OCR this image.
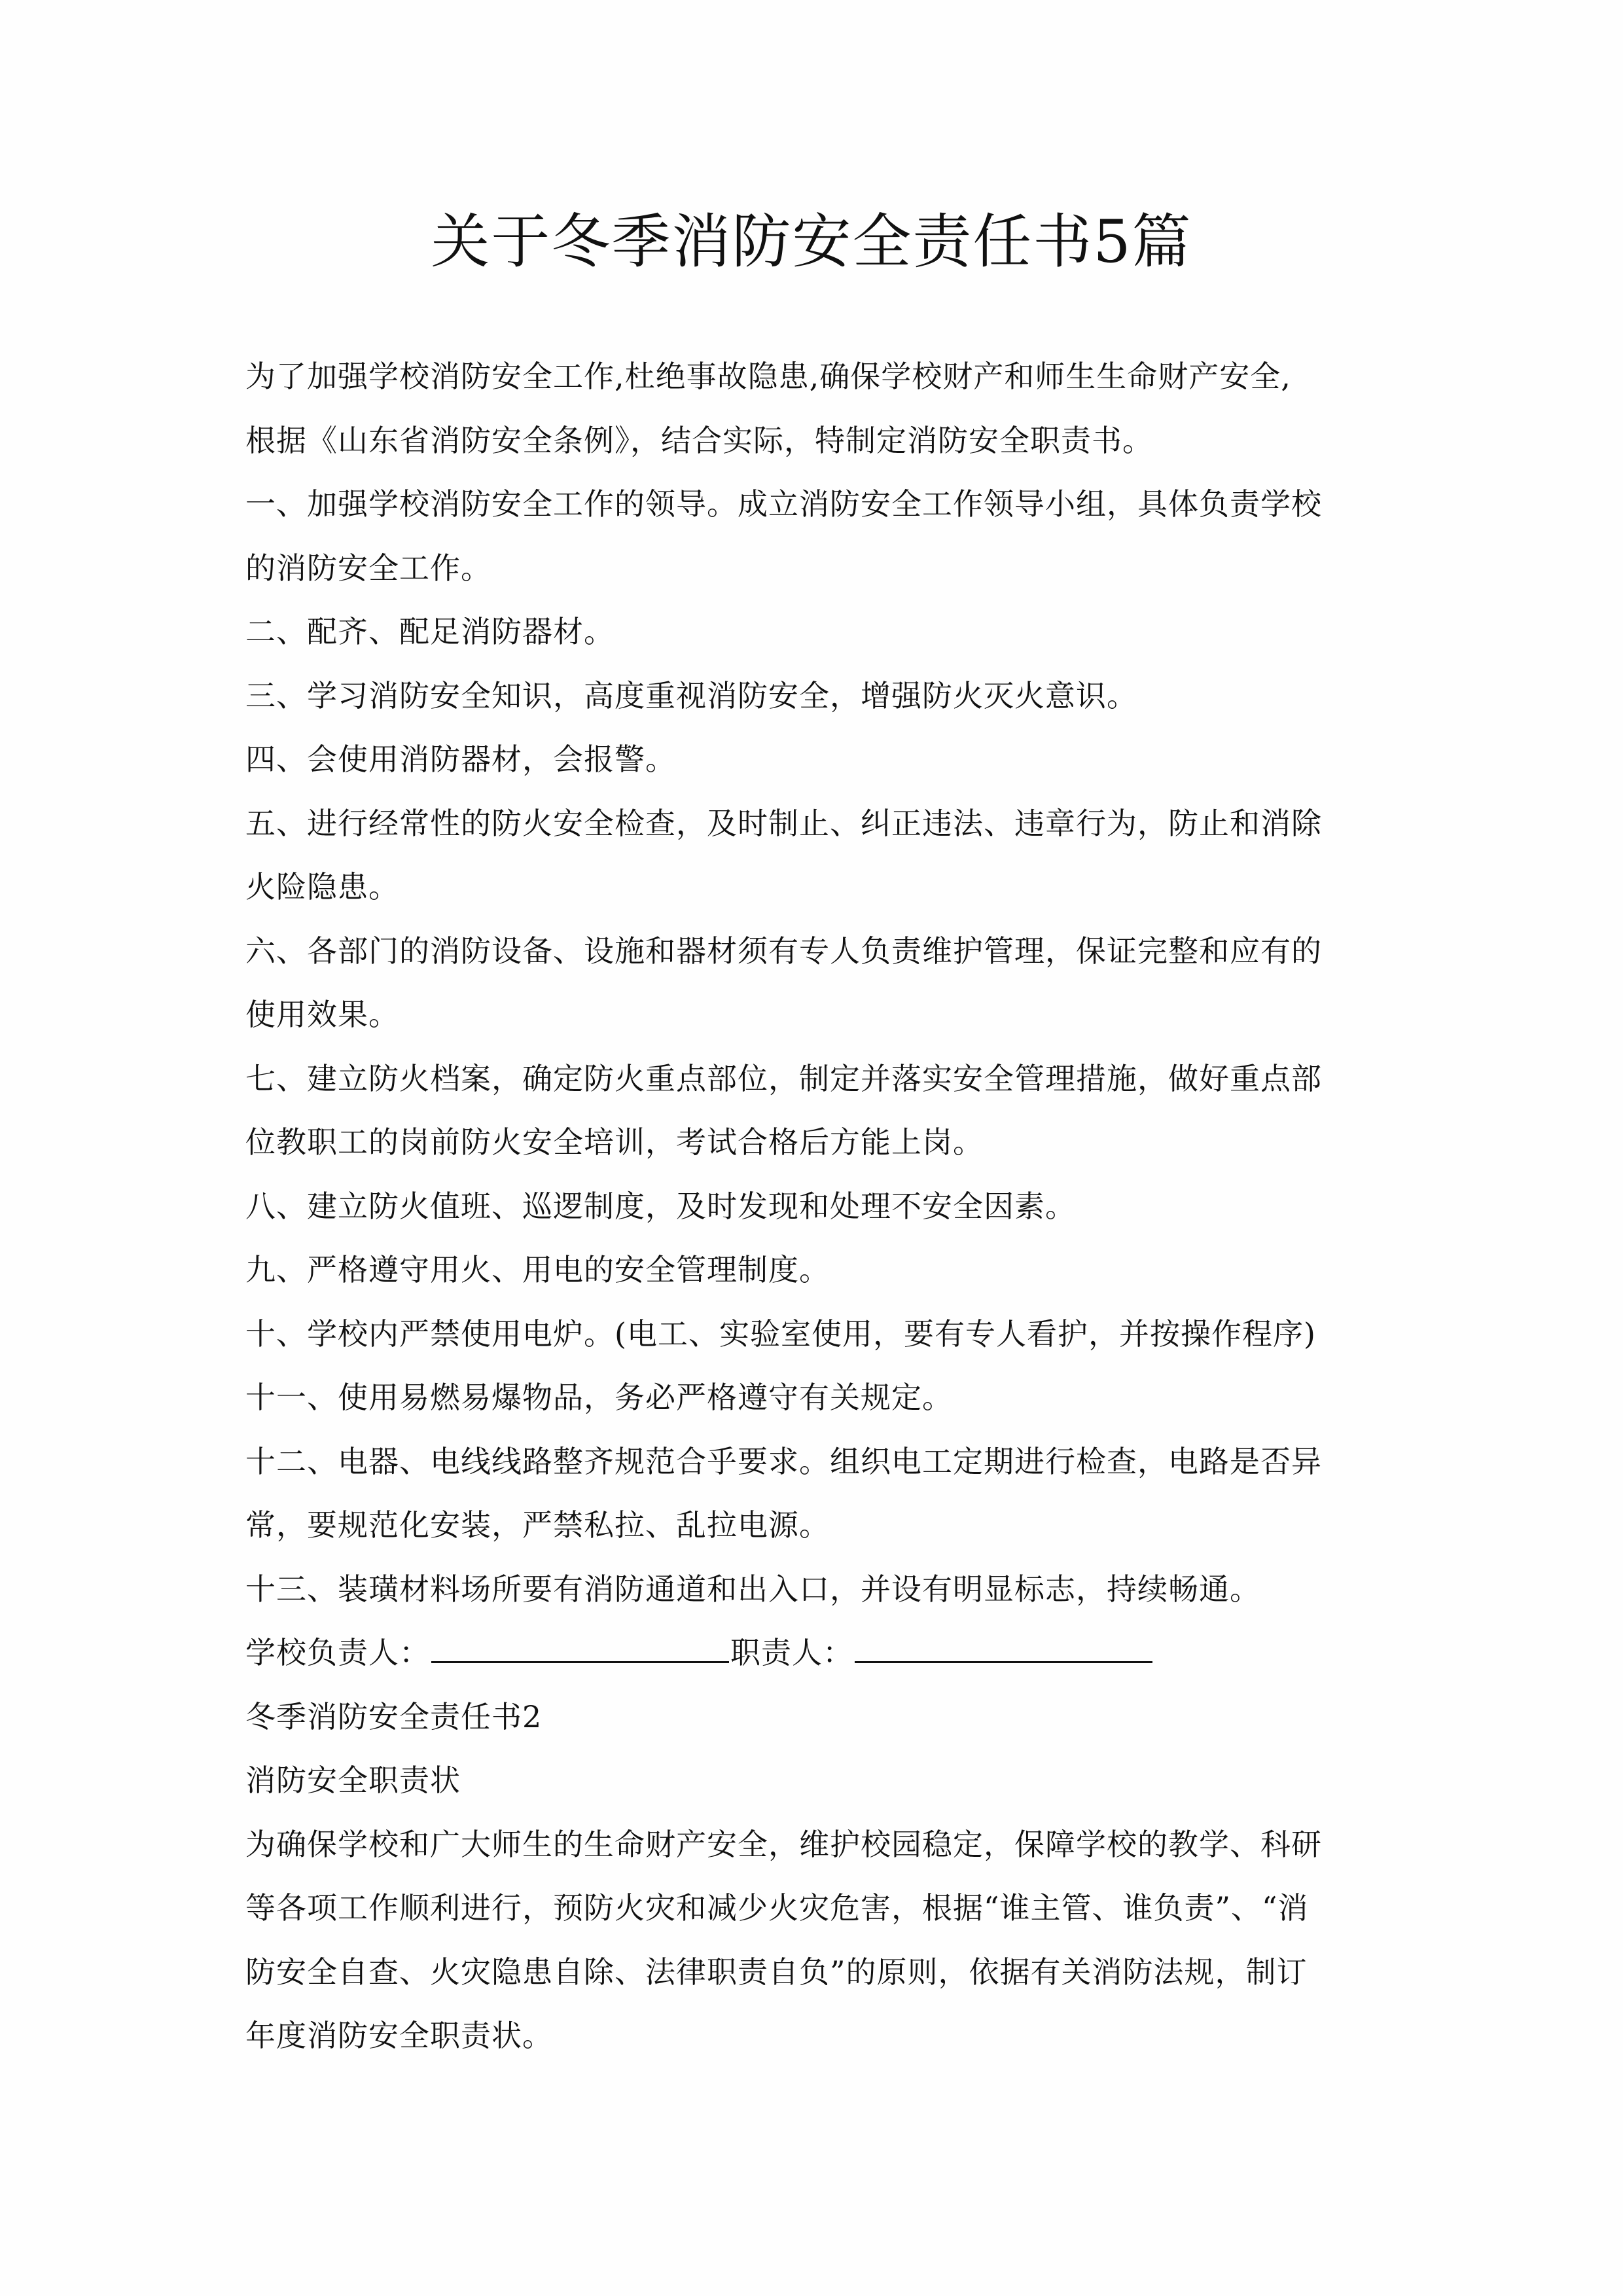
关于冬季消防安全责任书5篇
为了加强学校消防安全工作,杜绝事故隐患,确保学校财产和师生生命财产安全,
根据《山东省消防安全条例》，结合实际，特制定消防安全职责书。
一、加强学校消防安全工作的领导。成立消防安全工作领导小组，具体负责学校
的消防安全工作。
二、配齐、配足消防器材。
三、学习消防安全知识，高度重视消防安全，增强防火灭火意识。
四、会使用消防器材，会报警。
五、进行经常性的防火安全检查，及时制止、纠正违法、违章行为，防止和消除
火险隐患。
六、各部门的消防设备、设施和器材须有专人负责维护管理，保证完整和应有的
使用效果。
七、建立防火档案，确定防火重点部位，制定并落实安全管理措施，做好重点部
位教职工的岗前防火安全培训，考试合格后方能上岗。
八、建立防火值班、巡逻制度，及时发现和处理不安全因素。
九、严格遵守用火、用电的安全管理制度。
十、学校内严禁使用电炉。(电工、实验室使用，要有专人看护，并按操作程序)
十一、使用易燃易爆物品，务必严格遵守有关规定。
十二、电器、电线线路整齐规范合乎要求。组织电工定期进行检查，电路是否异
常，要规范化安装，严禁私拉、乱拉电源。
十三、装璜材料场所要有消防通道和出入口，并设有明显标志，持续畅通。
学校负责人：	职责人：
冬季消防安全责任书2
消防安全职责状
为确保学校和广大师生的生命财产安全，维护校园稳定，保障学校的教学、科研
等各项工作顺利进行，预防火灾和减少火灾危害，根据“谁主管、谁负责”、“消
防安全自查、火灾隐患自除、法律职责自负”的原则，依据有关消防法规，制订
年度消防安全职责状。
